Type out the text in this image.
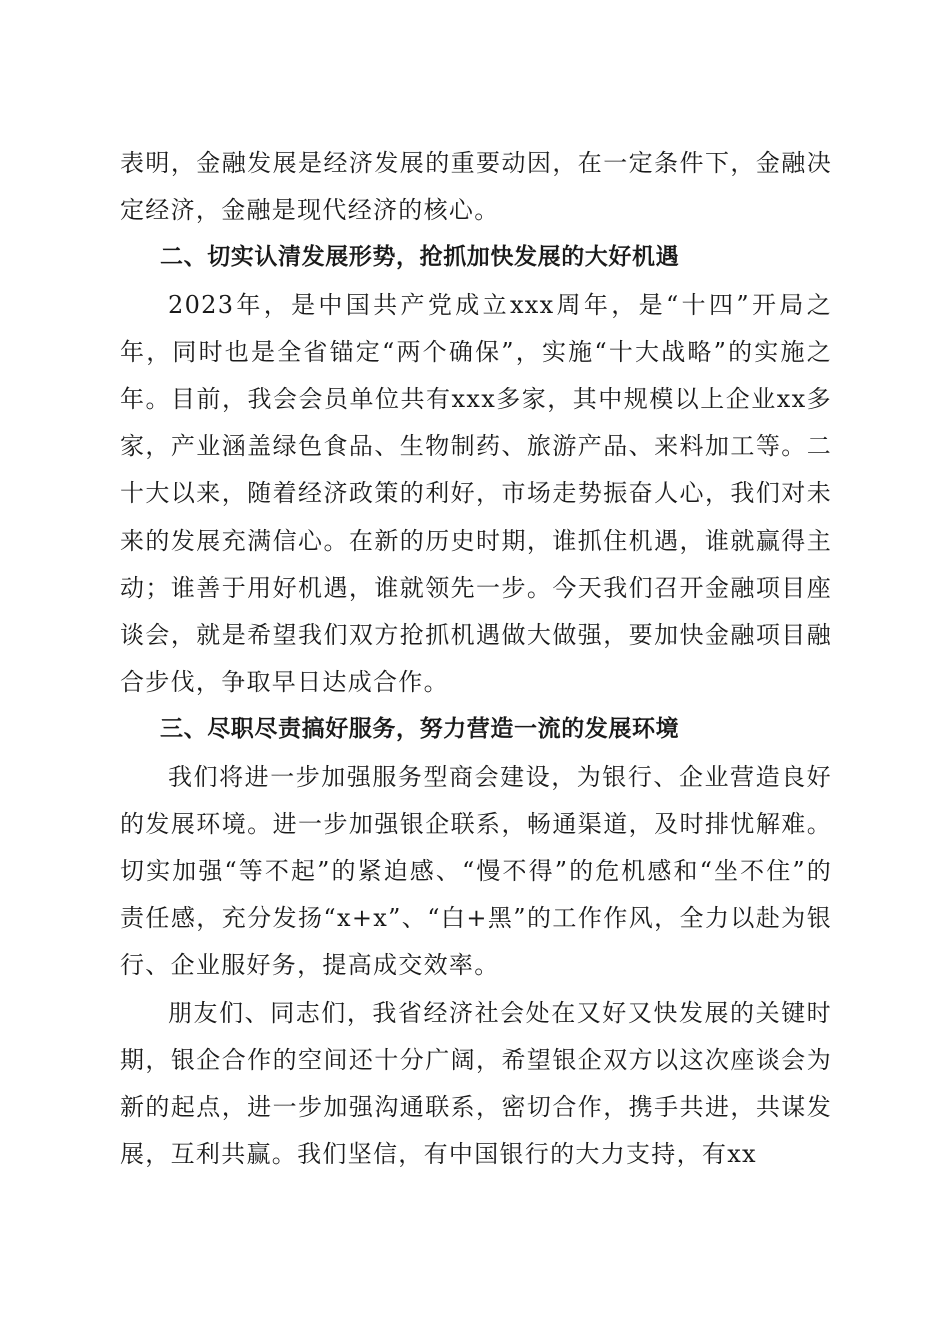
表明，金融发展是经济发展的重要动因，在一定条件下，金融决定经济，金融是现代经济的核心。

二、切实认清发展形势，抢抓加快发展的大好机遇

2023年，是中国共产党成立xxx周年，是“十四”开局之年，同时也是全省锚定“两个确保”，实施“十大战略”的实施之年。目前，我会会员单位共有xxx多家，其中规模以上企业xx多家，产业涵盖绿色食品、生物制药、旅游产品、来料加工等。二十大以来，随着经济政策的利好，市场走势振奋人心，我们对未来的发展充满信心。在新的历史时期，谁抓住机遇，谁就赢得主动；谁善于用好机遇，谁就领先一步。今天我们召开金融项目座谈会，就是希望我们双方抢抓机遇做大做强，要加快金融项目融合步伐，争取早日达成合作。

三、尽职尽责搞好服务，努力营造一流的发展环境

我们将进一步加强服务型商会建设，为银行、企业营造良好的发展环境。进一步加强银企联系，畅通渠道，及时排忧解难。切实加强“等不起”的紧迫感、“慢不得”的危机感和“坐不住”的责任感，充分发扬“x+x”、“白+黑”的工作作风，全力以赴为银行、企业服好务，提高成交效率。

朋友们、同志们，我省经济社会处在又好又快发展的关键时期，银企合作的空间还十分广阔，希望银企双方以这次座谈会为新的起点，进一步加强沟通联系，密切合作，携手共进，共谋发展，互利共赢。我们坚信，有中国银行的大力支持，有xx
